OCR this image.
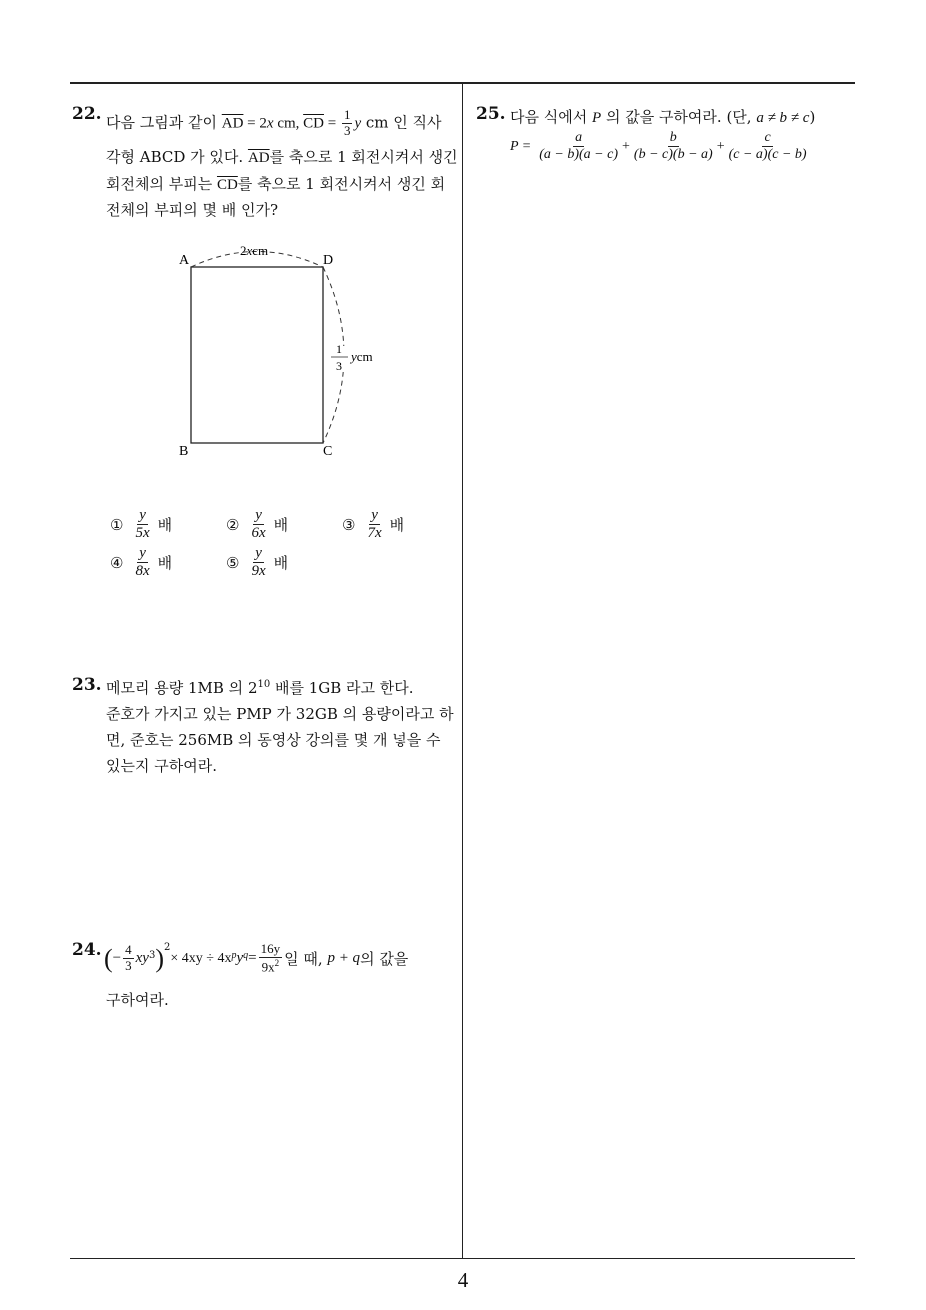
22. 다음 그림과 같이 $\overline{AD} = 2x$ cm, $\overline{CD} = \frac{1}{3}$ y cm 인 직사
각형 ABCD 가 있다. $\overline{AD}$를 축으로 1 회전시켜서 생긴
회전체의 부피는 $\overline{CD}$를 축으로 1 회전시켜서 생긴 회
전체의 부피의 몇 배 인가?
A	D
B	C
2xcm
1
3
ycm
① $\frac{y}{5x}$ 배	② $\frac{y}{6x}$ 배	③ $\frac{y}{7x}$ 배
④ $\frac{y}{8x}$ 배	⑤ $\frac{y}{9x}$ 배
23. 메모리 용량 1MB 의 $2^{10}$ 배를 1GB 라고 한다.
준호가 가지고 있는 PMP 가 32GB 의 용량이라고 하
면, 준호는 256MB 의 동영상 강의를 몇 개 넣을 수
있는지 구하여라.
24. ( − $\frac{4}{3} xy^3$ )$^2$
× $4xy \div 4x^p$ $y^q = \frac{16y}{9x^2}$ 일 때,
p + q 의 값을
구하여라.
25. 다음 식에서 P 의 값을 구하여라. (단, a ≠ b ≠ c)
$P = \frac{a}{(a - b)(a - c)} + \frac{b}{(b - c)(b - a)} + \frac{c}{(c - a)(c - b)}$
4
